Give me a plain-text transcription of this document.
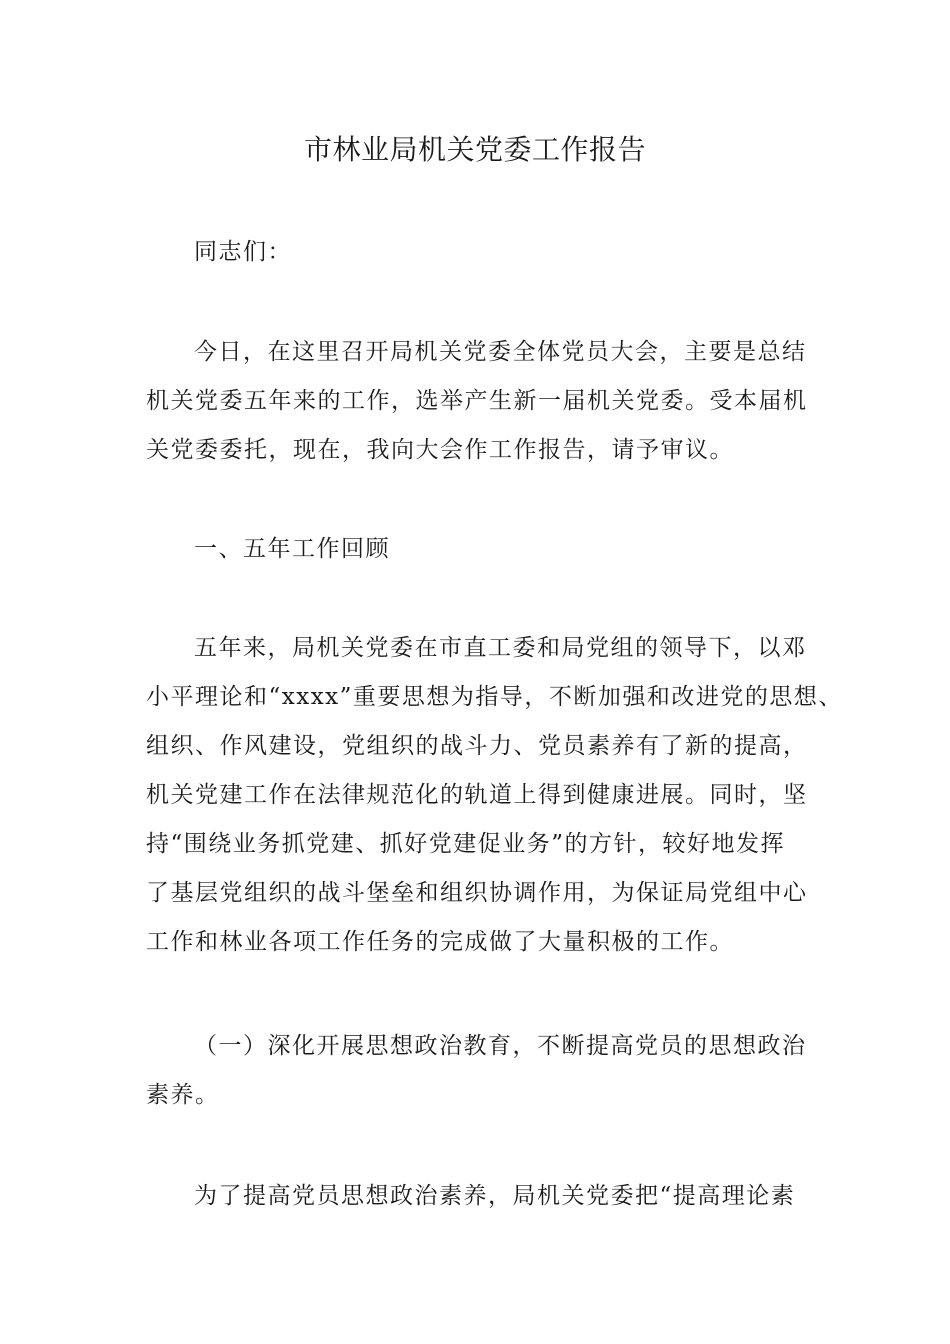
市林业局机关党委工作报告

同志们：

今日，在这里召开局机关党委全体党员大会，主要是总结
机关党委五年来的工作，选举产生新一届机关党委。受本届机
关党委委托，现在，我向大会作工作报告，请予审议。

一、五年工作回顾

五年来，局机关党委在市直工委和局党组的领导下，以邓
小平理论和“xxxx”重要思想为指导，不断加强和改进党的思想、
组织、作风建设，党组织的战斗力、党员素养有了新的提高，
机关党建工作在法律规范化的轨道上得到健康进展。同时，坚
持“围绕业务抓党建、抓好党建促业务”的方针，较好地发挥
了基层党组织的战斗堡垒和组织协调作用，为保证局党组中心
工作和林业各项工作任务的完成做了大量积极的工作。

（一）深化开展思想政治教育，不断提高党员的思想政治
素养。

为了提高党员思想政治素养，局机关党委把“提高理论素
